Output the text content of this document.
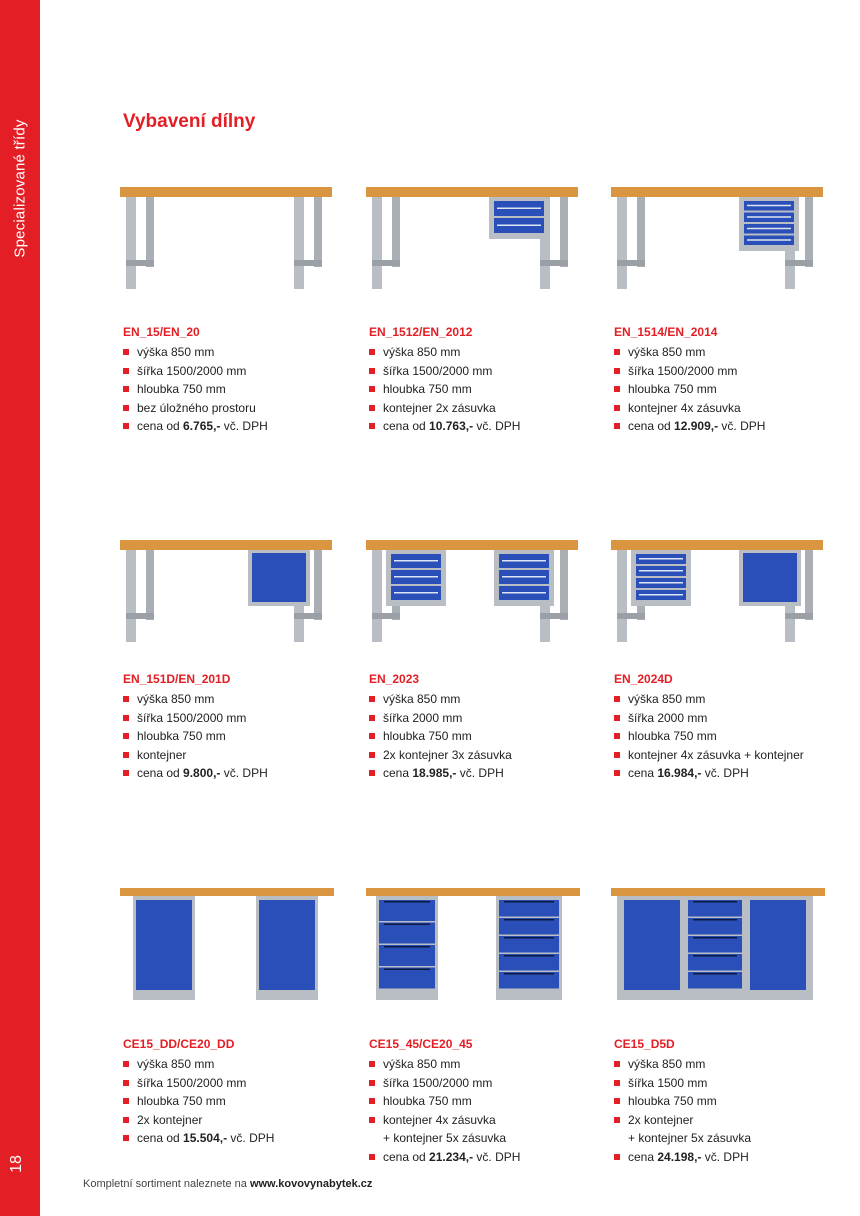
Specializované třídy
18
Vybavení dílny
EN_15/EN_20
výška 850 mm
šířka 1500/2000 mm
hloubka 750 mm
bez úložného prostoru
cena od 6.765,- vč. DPH
EN_1512/EN_2012
výška 850 mm
šířka 1500/2000 mm
hloubka 750 mm
kontejner 2x zásuvka
cena od 10.763,- vč. DPH
EN_1514/EN_2014
výška 850 mm
šířka 1500/2000 mm
hloubka 750 mm
kontejner 4x zásuvka
cena od 12.909,- vč. DPH
EN_151D/EN_201D
výška 850 mm
šířka 1500/2000 mm
hloubka 750 mm
kontejner
cena od 9.800,- vč. DPH
EN_2023
výška 850 mm
šířka 2000 mm
hloubka 750 mm
2x kontejner 3x zásuvka
cena 18.985,- vč. DPH
EN_2024D
výška 850 mm
šířka 2000 mm
hloubka 750 mm
kontejner 4x zásuvka + kontejner
cena 16.984,- vč. DPH
CE15_DD/CE20_DD
výška 850 mm
šířka 1500/2000 mm
hloubka 750 mm
2x kontejner
cena od 15.504,- vč. DPH
CE15_45/CE20_45
výška 850 mm
šířka 1500/2000 mm
hloubka 750 mm
kontejner 4x zásuvka
+ kontejner 5x zásuvka
cena od 21.234,- vč. DPH
CE15_D5D
výška 850 mm
šířka 1500 mm
hloubka 750 mm
2x kontejner
+ kontejner 5x zásuvka
cena 24.198,- vč. DPH
Kompletní sortiment naleznete na www.kovovynabytek.cz
